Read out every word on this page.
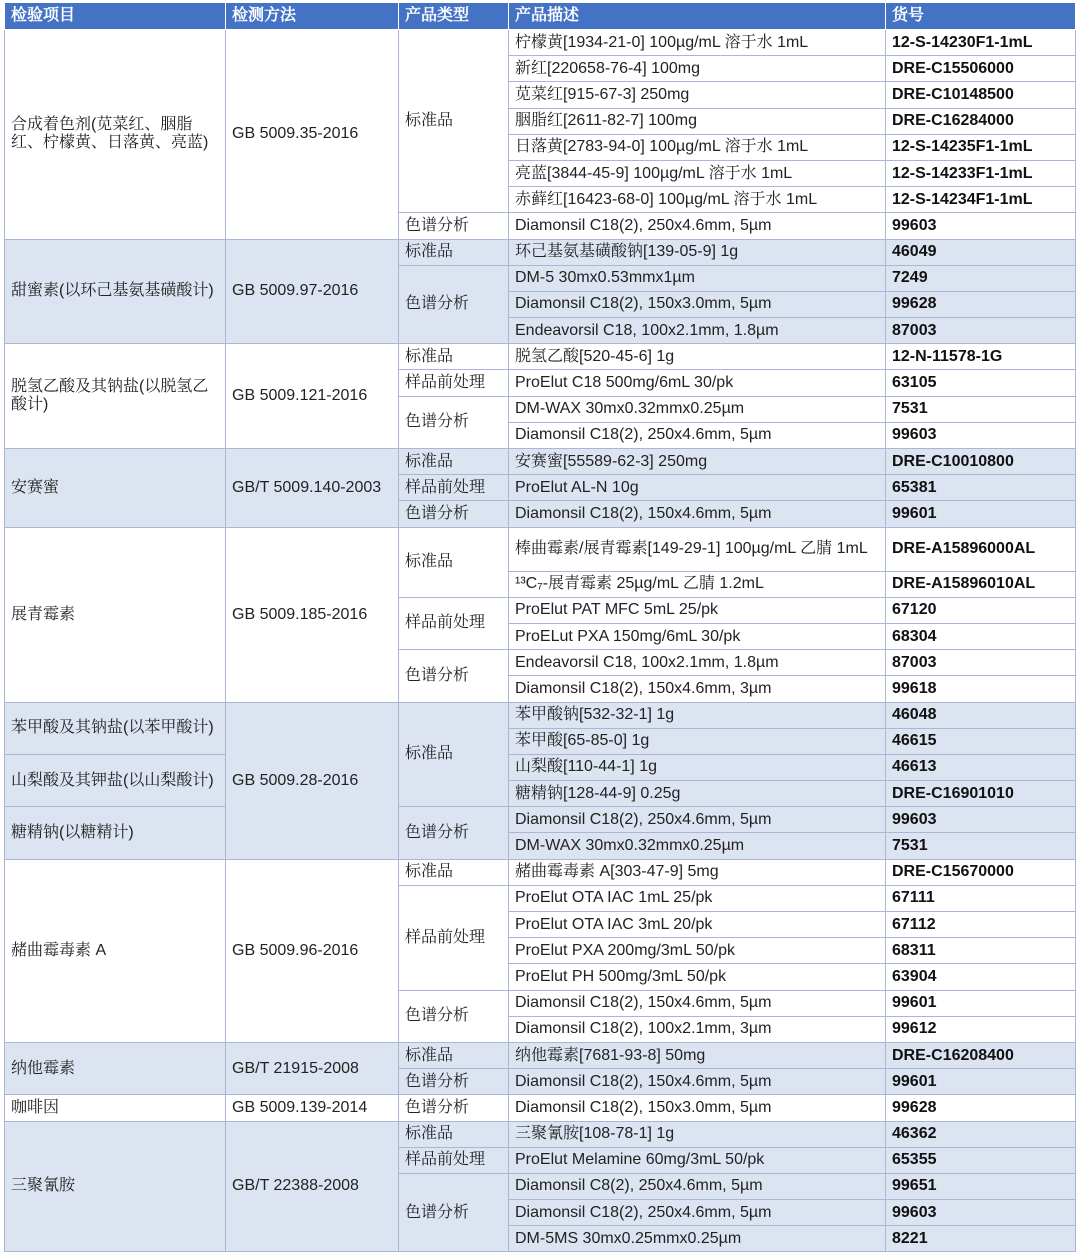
检验项目	检测方法	产品类型	产品描述	货号
合成着色剂(苋菜红、胭脂红、柠檬黄、日落黄、亮蓝)	GB 5009.35-2016	标准品	柠檬黄[1934-21-0] 100µg/mL 溶于水 1mL	12-S-14230F1-1mL
			新红[220658-76-4] 100mg	DRE-C15506000
			苋菜红[915-67-3] 250mg	DRE-C10148500
			胭脂红[2611-82-7] 100mg	DRE-C16284000
			日落黄[2783-94-0] 100µg/mL 溶于水 1mL	12-S-14235F1-1mL
			亮蓝[3844-45-9] 100µg/mL 溶于水 1mL	12-S-14233F1-1mL
			赤藓红[16423-68-0] 100µg/mL 溶于水 1mL	12-S-14234F1-1mL
		色谱分析	Diamonsil C18(2), 250x4.6mm, 5µm	99603
甜蜜素(以环己基氨基磺酸计)	GB 5009.97-2016	标准品	环己基氨基磺酸钠[139-05-9] 1g	46049
		色谱分析	DM-5 30mx0.53mmx1µm	7249
			Diamonsil C18(2), 150x3.0mm, 5µm	99628
			Endeavorsil C18, 100x2.1mm, 1.8µm	87003
脱氢乙酸及其钠盐(以脱氢乙酸计)	GB 5009.121-2016	标准品	脱氢乙酸[520-45-6] 1g	12-N-11578-1G
		样品前处理	ProElut C18 500mg/6mL 30/pk	63105
		色谱分析	DM-WAX 30mx0.32mmx0.25µm	7531
			Diamonsil C18(2), 250x4.6mm, 5µm	99603
安赛蜜	GB/T 5009.140-2003	标准品	安赛蜜[55589-62-3] 250mg	DRE-C10010800
		样品前处理	ProElut AL-N 10g	65381
		色谱分析	Diamonsil C18(2), 150x4.6mm, 5µm	99601
展青霉素	GB 5009.185-2016	标准品	棒曲霉素/展青霉素[149-29-1] 100µg/mL 乙腈 1mL	DRE-A15896000AL
			¹³C₇-展青霉素 25µg/mL 乙腈 1.2mL	DRE-A15896010AL
		样品前处理	ProElut PAT MFC 5mL 25/pk	67120
			ProELut PXA 150mg/6mL 30/pk	68304
		色谱分析	Endeavorsil C18, 100x2.1mm, 1.8µm	87003
			Diamonsil C18(2), 150x4.6mm, 3µm	99618
苯甲酸及其钠盐(以苯甲酸计)	GB 5009.28-2016	标准品	苯甲酸钠[532-32-1] 1g	46048
			苯甲酸[65-85-0] 1g	46615
山梨酸及其钾盐(以山梨酸计)			山梨酸[110-44-1] 1g	46613
			糖精钠[128-44-9] 0.25g	DRE-C16901010
糖精钠(以糖精计)		色谱分析	Diamonsil C18(2), 250x4.6mm, 5µm	99603
			DM-WAX 30mx0.32mmx0.25µm	7531
赭曲霉毒素 A	GB 5009.96-2016	标准品	赭曲霉毒素 A[303-47-9] 5mg	DRE-C15670000
		样品前处理	ProElut OTA IAC 1mL 25/pk	67111
			ProElut OTA IAC 3mL 20/pk	67112
			ProElut PXA 200mg/3mL 50/pk	68311
			ProElut PH 500mg/3mL 50/pk	63904
		色谱分析	Diamonsil C18(2), 150x4.6mm, 5µm	99601
			Diamonsil C18(2), 100x2.1mm, 3µm	99612
纳他霉素	GB/T 21915-2008	标准品	纳他霉素[7681-93-8] 50mg	DRE-C16208400
		色谱分析	Diamonsil C18(2), 150x4.6mm, 5µm	99601
咖啡因	GB 5009.139-2014	色谱分析	Diamonsil C18(2), 150x3.0mm, 5µm	99628
三聚氰胺	GB/T 22388-2008	标准品	三聚氰胺[108-78-1] 1g	46362
		样品前处理	ProElut Melamine 60mg/3mL 50/pk	65355
		色谱分析	Diamonsil C8(2), 250x4.6mm, 5µm	99651
			Diamonsil C18(2), 250x4.6mm, 5µm	99603
			DM-5MS 30mx0.25mmx0.25µm	8221
